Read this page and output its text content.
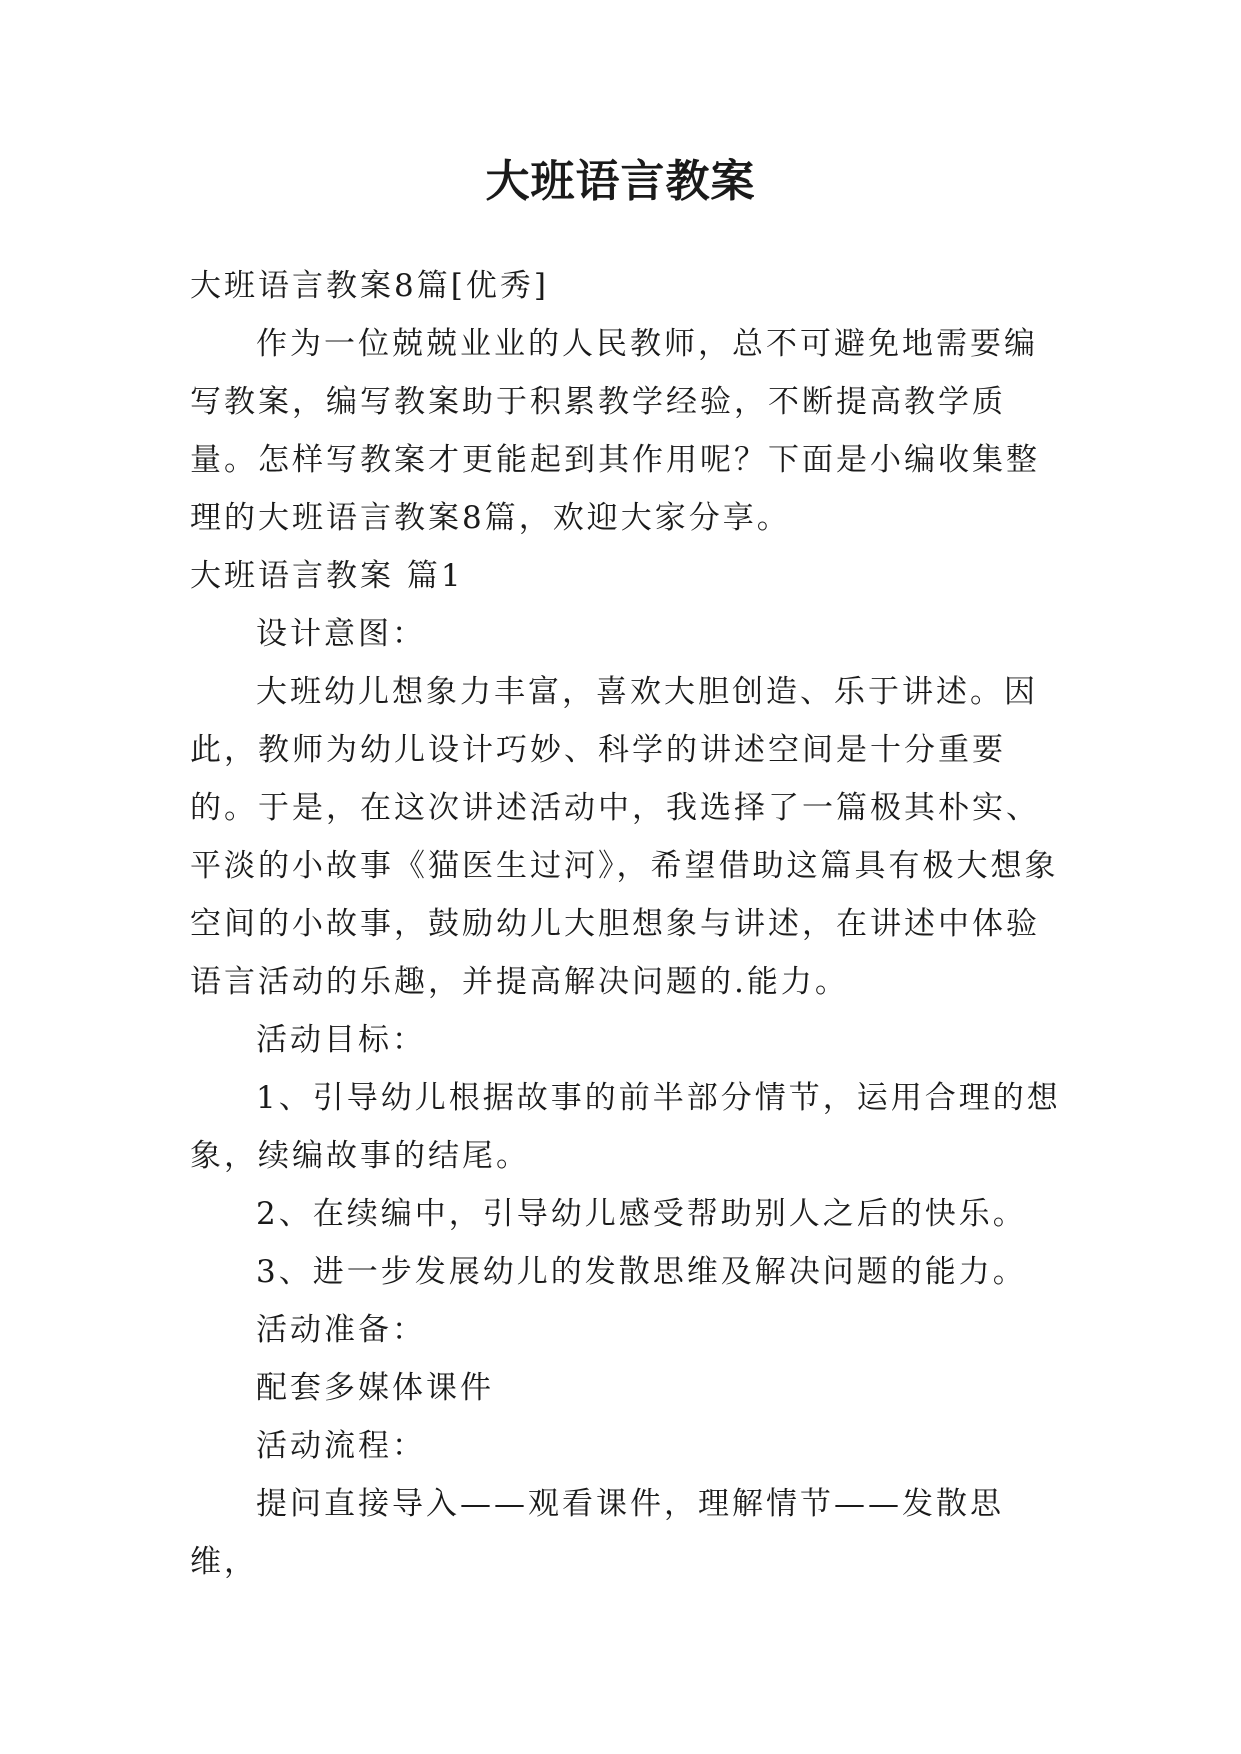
大班语言教案

大班语言教案8篇[优秀]

作为一位兢兢业业的人民教师，总不可避免地需要编写教案，编写教案助于积累教学经验，不断提高教学质量。怎样写教案才更能起到其作用呢？下面是小编收集整理的大班语言教案8篇，欢迎大家分享。

大班语言教案 篇1

设计意图：

大班幼儿想象力丰富，喜欢大胆创造、乐于讲述。因此，教师为幼儿设计巧妙、科学的讲述空间是十分重要的。于是，在这次讲述活动中，我选择了一篇极其朴实、平淡的小故事《猫医生过河》，希望借助这篇具有极大想象空间的小故事，鼓励幼儿大胆想象与讲述，在讲述中体验语言活动的乐趣，并提高解决问题的.能力。

活动目标：

1、引导幼儿根据故事的前半部分情节，运用合理的想象，续编故事的结尾。

2、在续编中，引导幼儿感受帮助别人之后的快乐。

3、进一步发展幼儿的发散思维及解决问题的能力。

活动准备：

配套多媒体课件

活动流程：

提问直接导入——观看课件，理解情节——发散思维，
